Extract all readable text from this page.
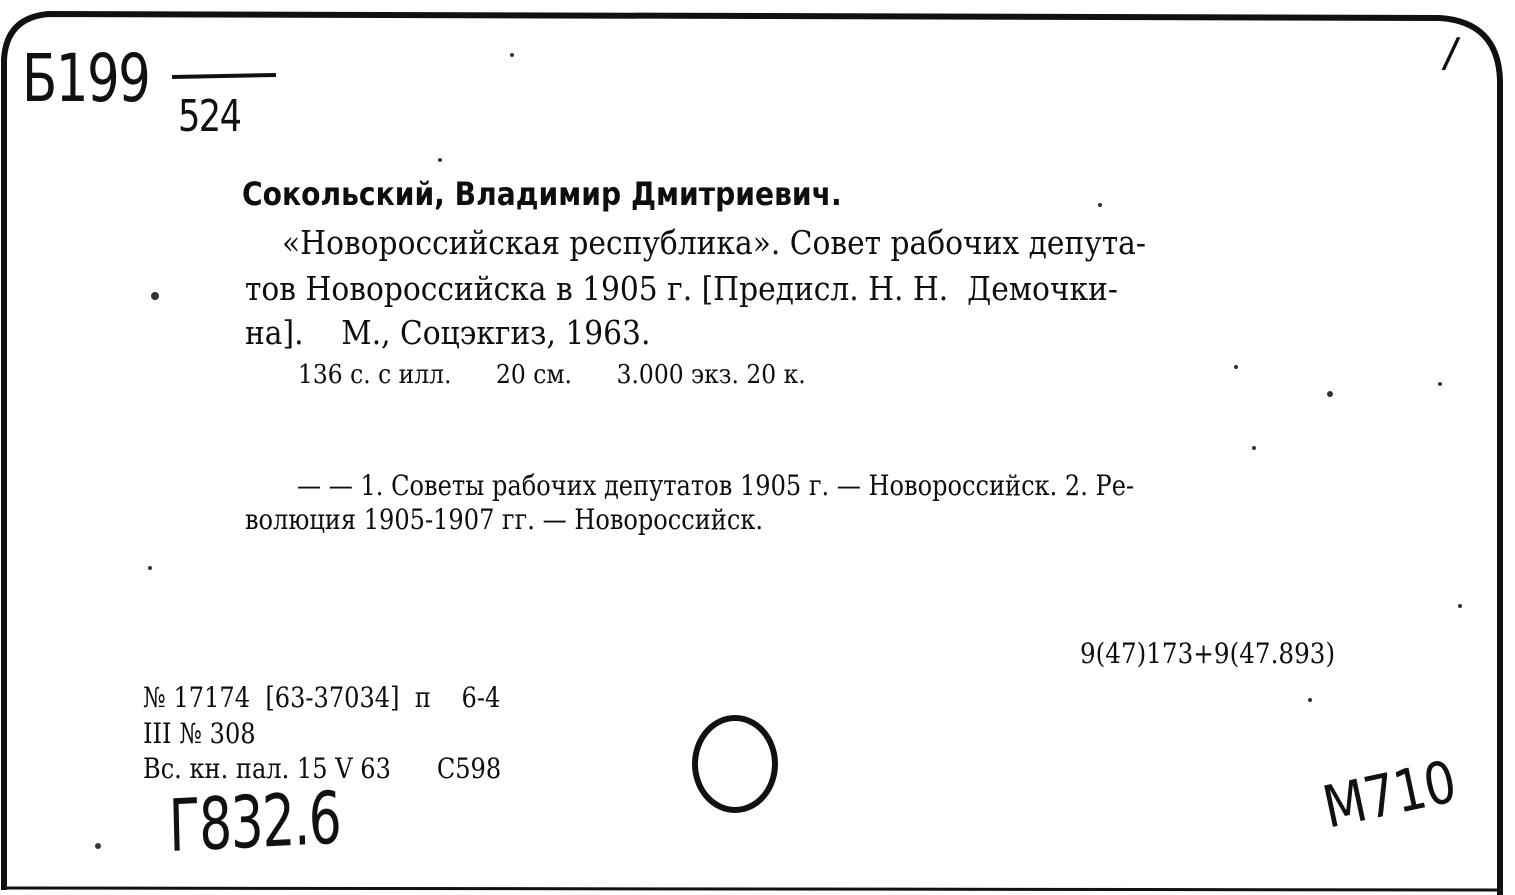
Б199 524
/
Сокольский, Владимир Дмитриевич.
«Новороссийская республика». Совет рабочих депута-
тов Новороссийска в 1905 г. [Предисл. Н. Н.  Демочки-
на].    М., Соцэкгиз, 1963.
136 с. с илл.      20 см.      3.000 экз. 20 к.
— — 1. Советы рабочих депутатов 1905 г. — Новороссийск. 2. Ре-
волюция 1905-1907 гг. — Новороссийск.
9(47)173+9(47.893)
№ 17174  [63-37034]  п    6-4
III № 308
Вс. кн. пал. 15 V 63      С598
Г832.6	M710
